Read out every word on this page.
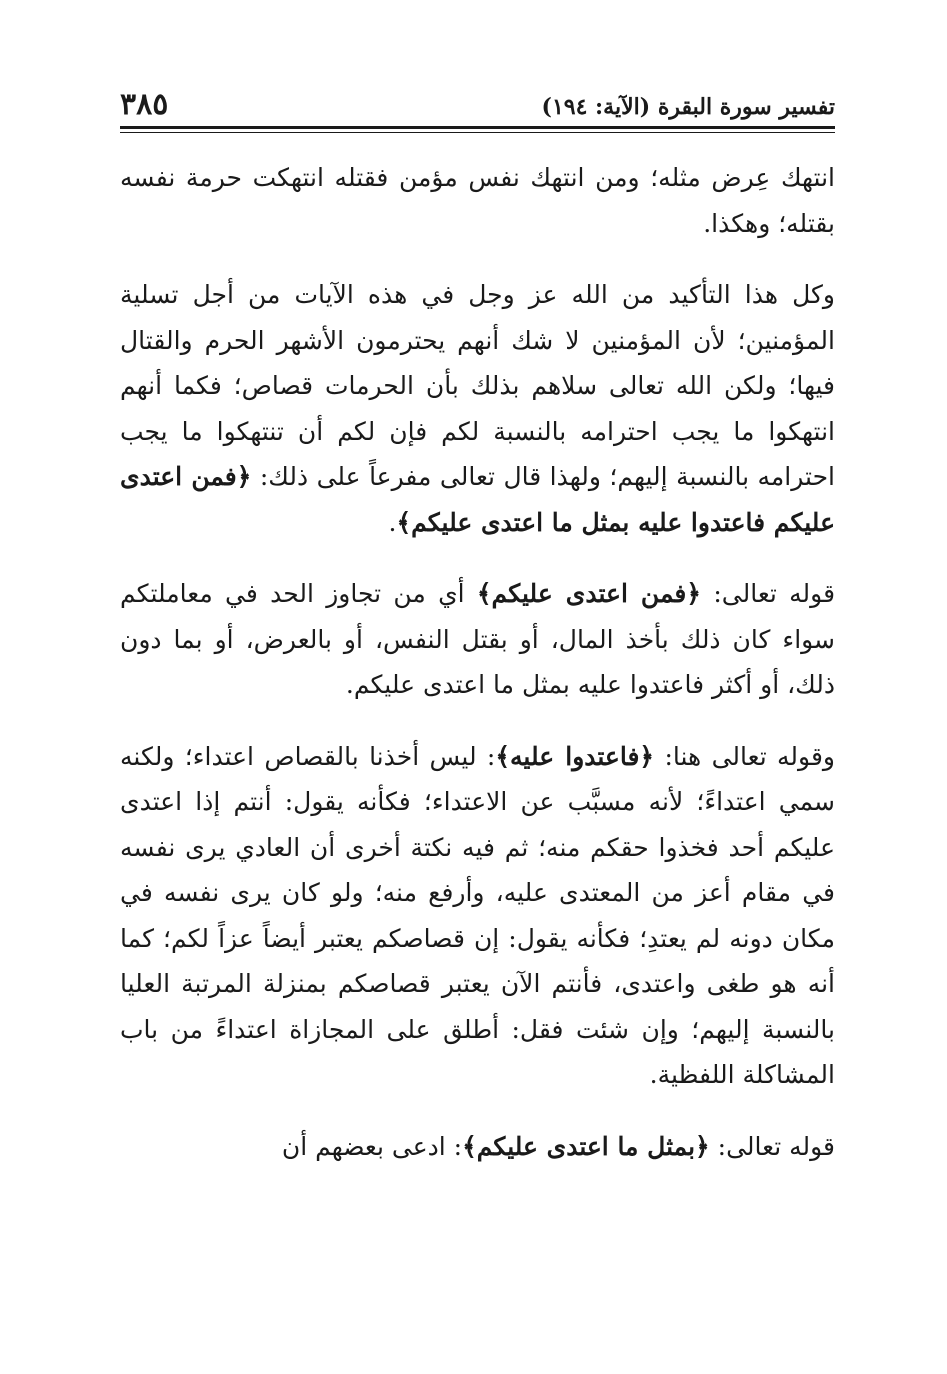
تفسير سورة البقرة (الآية: ١٩٤)
٣٨٥

انتهك عِرض مثله؛ ومن انتهك نفس مؤمن فقتله انتهكت حرمة نفسه بقتله؛ وهكذا.

وكل هذا التأكيد من الله عز وجل في هذه الآيات من أجل تسلية المؤمنين؛ لأن المؤمنين لا شك أنهم يحترمون الأشهر الحرم والقتال فيها؛ ولكن الله تعالى سلاهم بذلك بأن الحرمات قصاص؛ فكما أنهم انتهكوا ما يجب احترامه بالنسبة لكم فإن لكم أن تنتهكوا ما يجب احترامه بالنسبة إليهم؛ ولهذا قال تعالى مفرعاً على ذلك: ﴿فمن اعتدى عليكم فاعتدوا عليه بمثل ما اعتدى عليكم﴾.

قوله تعالى: ﴿فمن اعتدى عليكم﴾ أي من تجاوز الحد في معاملتكم سواء كان ذلك بأخذ المال، أو بقتل النفس، أو بالعرض، أو بما دون ذلك، أو أكثر فاعتدوا عليه بمثل ما اعتدى عليكم.

وقوله تعالى هنا: ﴿فاعتدوا عليه﴾: ليس أخذنا بالقصاص اعتداء؛ ولكنه سمي اعتداءً؛ لأنه مسبَّب عن الاعتداء؛ فكأنه يقول: أنتم إذا اعتدى عليكم أحد فخذوا حقكم منه؛ ثم فيه نكتة أخرى أن العادي يرى نفسه في مقام أعز من المعتدى عليه، وأرفع منه؛ ولو كان يرى نفسه في مكان دونه لم يعتدِ؛ فكأنه يقول: إن قصاصكم يعتبر أيضاً عزاً لكم؛ كما أنه هو طغى واعتدى، فأنتم الآن يعتبر قصاصكم بمنزلة المرتبة العليا بالنسبة إليهم؛ وإن شئت فقل: أطلق على المجازاة اعتداءً من باب المشاكلة اللفظية.

قوله تعالى: ﴿بمثل ما اعتدى عليكم﴾: ادعى بعضهم أن
